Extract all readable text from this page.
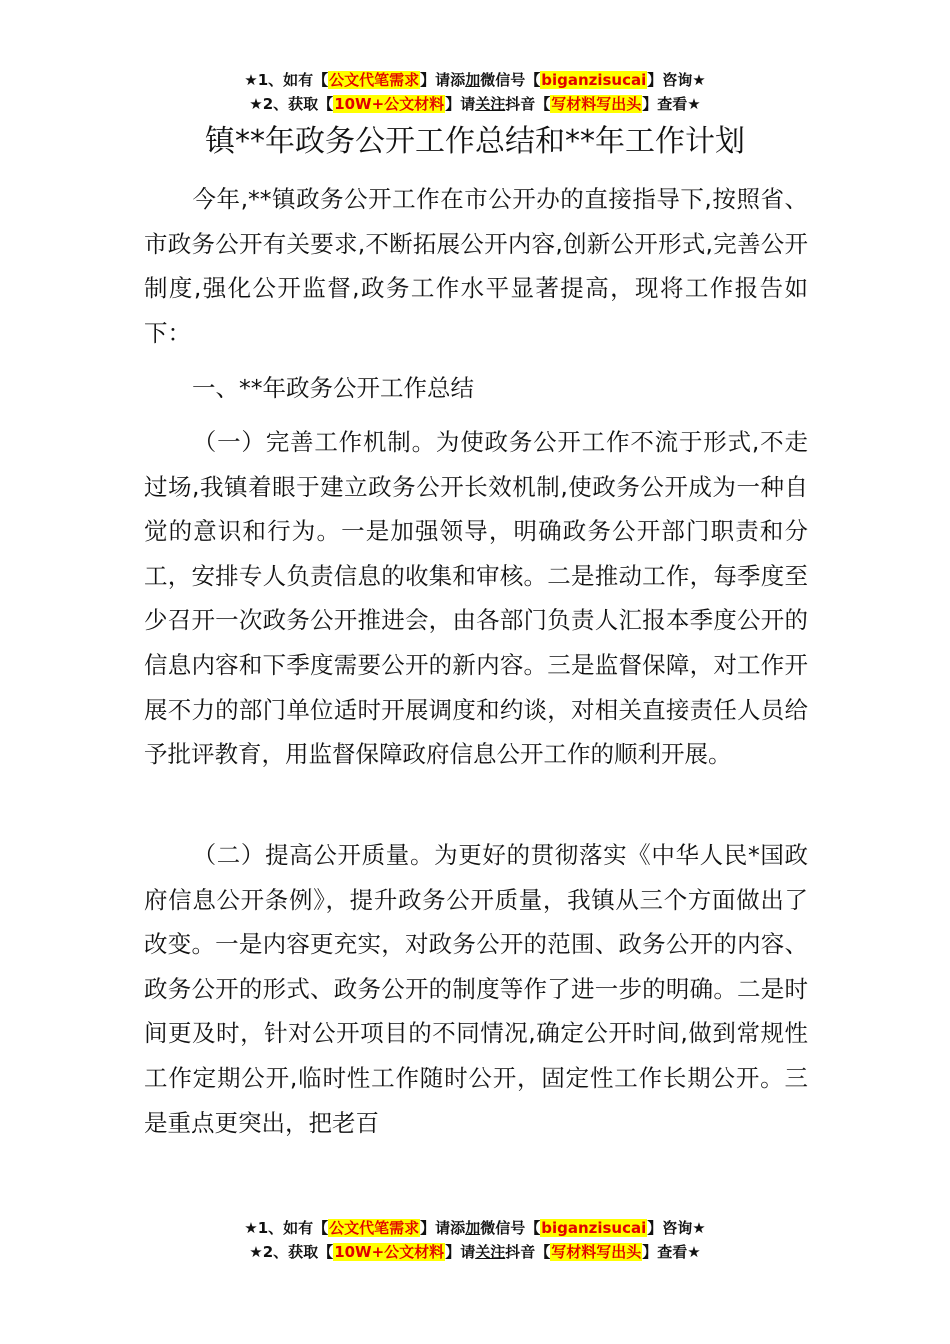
★1、如有【公文代笔需求】请添加微信号【biganzisucai】咨询★
★2、获取【10W+公文材料】请关注抖音【写材料写出头】查看★
镇**年政务公开工作总结和**年工作计划

今年,**镇政务公开工作在市公开办的直接指导下,按照省、市政务公开有关要求,不断拓展公开内容,创新公开形式,完善公开制度,强化公开监督,政务工作水平显著提高，现将工作报告如下：

一、**年政务公开工作总结

（一）完善工作机制。为使政务公开工作不流于形式,不走过场,我镇着眼于建立政务公开长效机制,使政务公开成为一种自觉的意识和行为。一是加强领导，明确政务公开部门职责和分工，安排专人负责信息的收集和审核。二是推动工作，每季度至少召开一次政务公开推进会，由各部门负责人汇报本季度公开的信息内容和下季度需要公开的新内容。三是监督保障，对工作开展不力的部门单位适时开展调度和约谈，对相关直接责任人员给予批评教育，用监督保障政府信息公开工作的顺利开展。

（二）提高公开质量。为更好的贯彻落实《中华人民*国政府信息公开条例》，提升政务公开质量，我镇从三个方面做出了改变。一是内容更充实，对政务公开的范围、政务公开的内容、政务公开的形式、政务公开的制度等作了进一步的明确。二是时间更及时，针对公开项目的不同情况,确定公开时间,做到常规性工作定期公开,临时性工作随时公开，固定性工作长期公开。三是重点更突出，把老百

★1、如有【公文代笔需求】请添加微信号【biganzisucai】咨询★
★2、获取【10W+公文材料】请关注抖音【写材料写出头】查看★
